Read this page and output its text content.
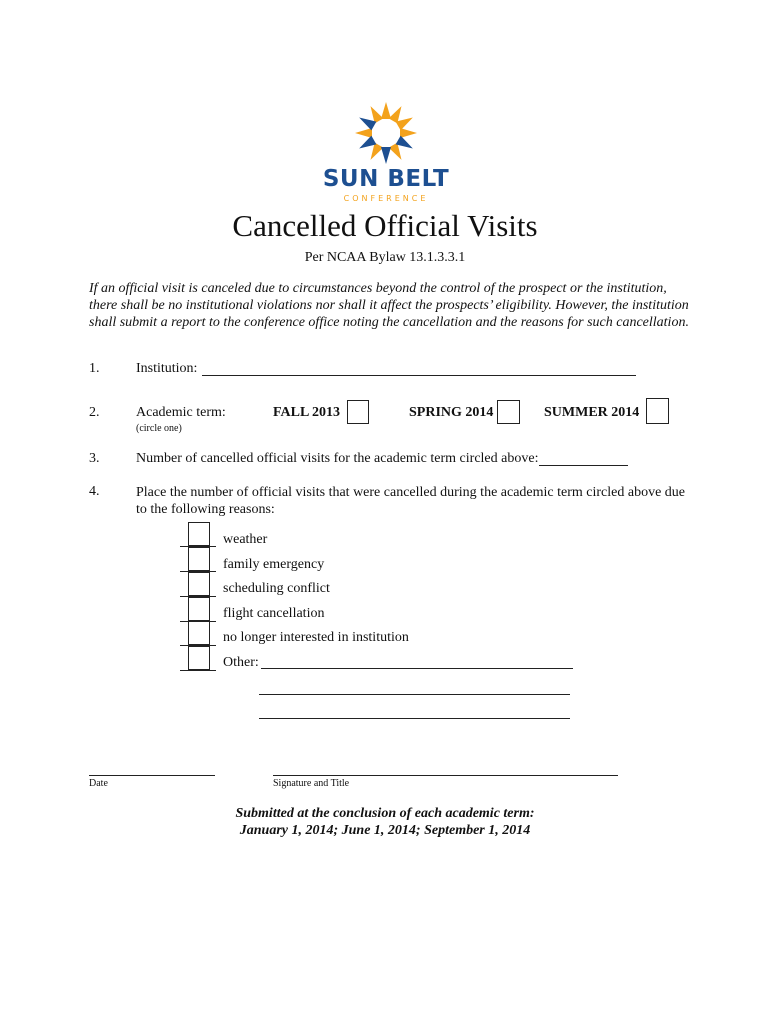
SUN BELT
CONFERENCE
Cancelled Official Visits
Per NCAA Bylaw 13.1.3.3.1
If an official visit is canceled due to circumstances beyond the control of the prospect or the institution, there shall be no institutional violations nor shall it affect the prospects’ eligibility. However, the institution shall submit a report to the conference office noting the cancellation and the reasons for such cancellation.
1.	Institution:
2.	Academic term:
(circle one)
FALL 2013	SPRING 2014	SUMMER 2014
3.	Number of cancelled official visits for the academic term circled above:
4.	Place the number of official visits that were cancelled during the academic term circled above due to the following reasons:
weather
family emergency
scheduling conflict
flight cancellation
no longer interested in institution
Other:
Date	Signature and Title
Submitted at the conclusion of each academic term:
January 1, 2014; June 1, 2014; September 1, 2014
